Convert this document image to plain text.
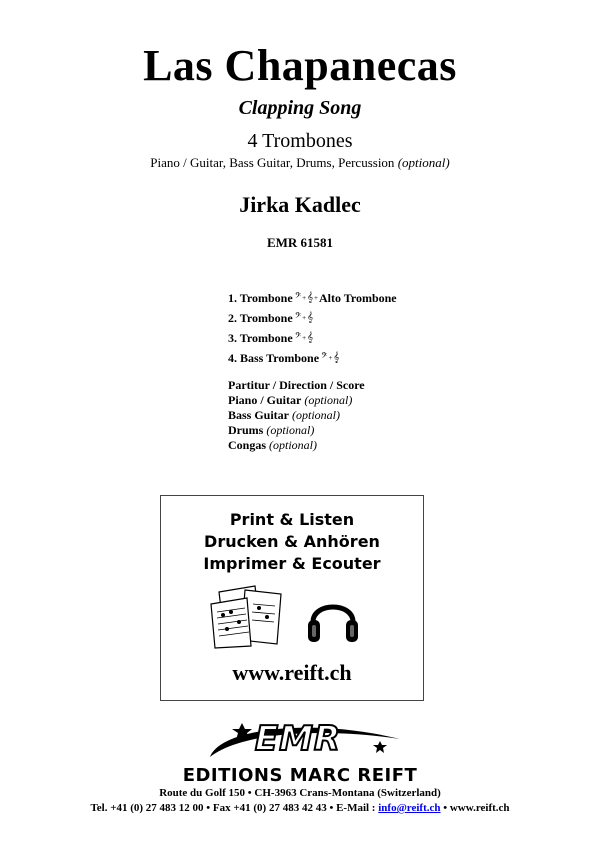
Las Chapanecas
Clapping Song
4 Trombones
Piano / Guitar, Bass Guitar, Drums, Percussion (optional)
Jirka Kadlec
EMR 61581
1. Trombone 𝄢+𝄞+ Alto Trombone
2. Trombone 𝄢+𝄞
3. Trombone 𝄢+𝄞
4. Bass Trombone 𝄢+𝄞
Partitur / Direction / Score
Piano / Guitar (optional)
Bass Guitar (optional)
Drums (optional)
Congas (optional)
Print & Listen
Drucken & Anhören
Imprimer & Ecouter
www.reift.ch
EMR
EDITIONS MARC REIFT
Route du Golf 150 • CH-3963 Crans-Montana (Switzerland)
Tel. +41 (0) 27 483 12 00 • Fax +41 (0) 27 483 42 43 • E-Mail : info@reift.ch • www.reift.ch
